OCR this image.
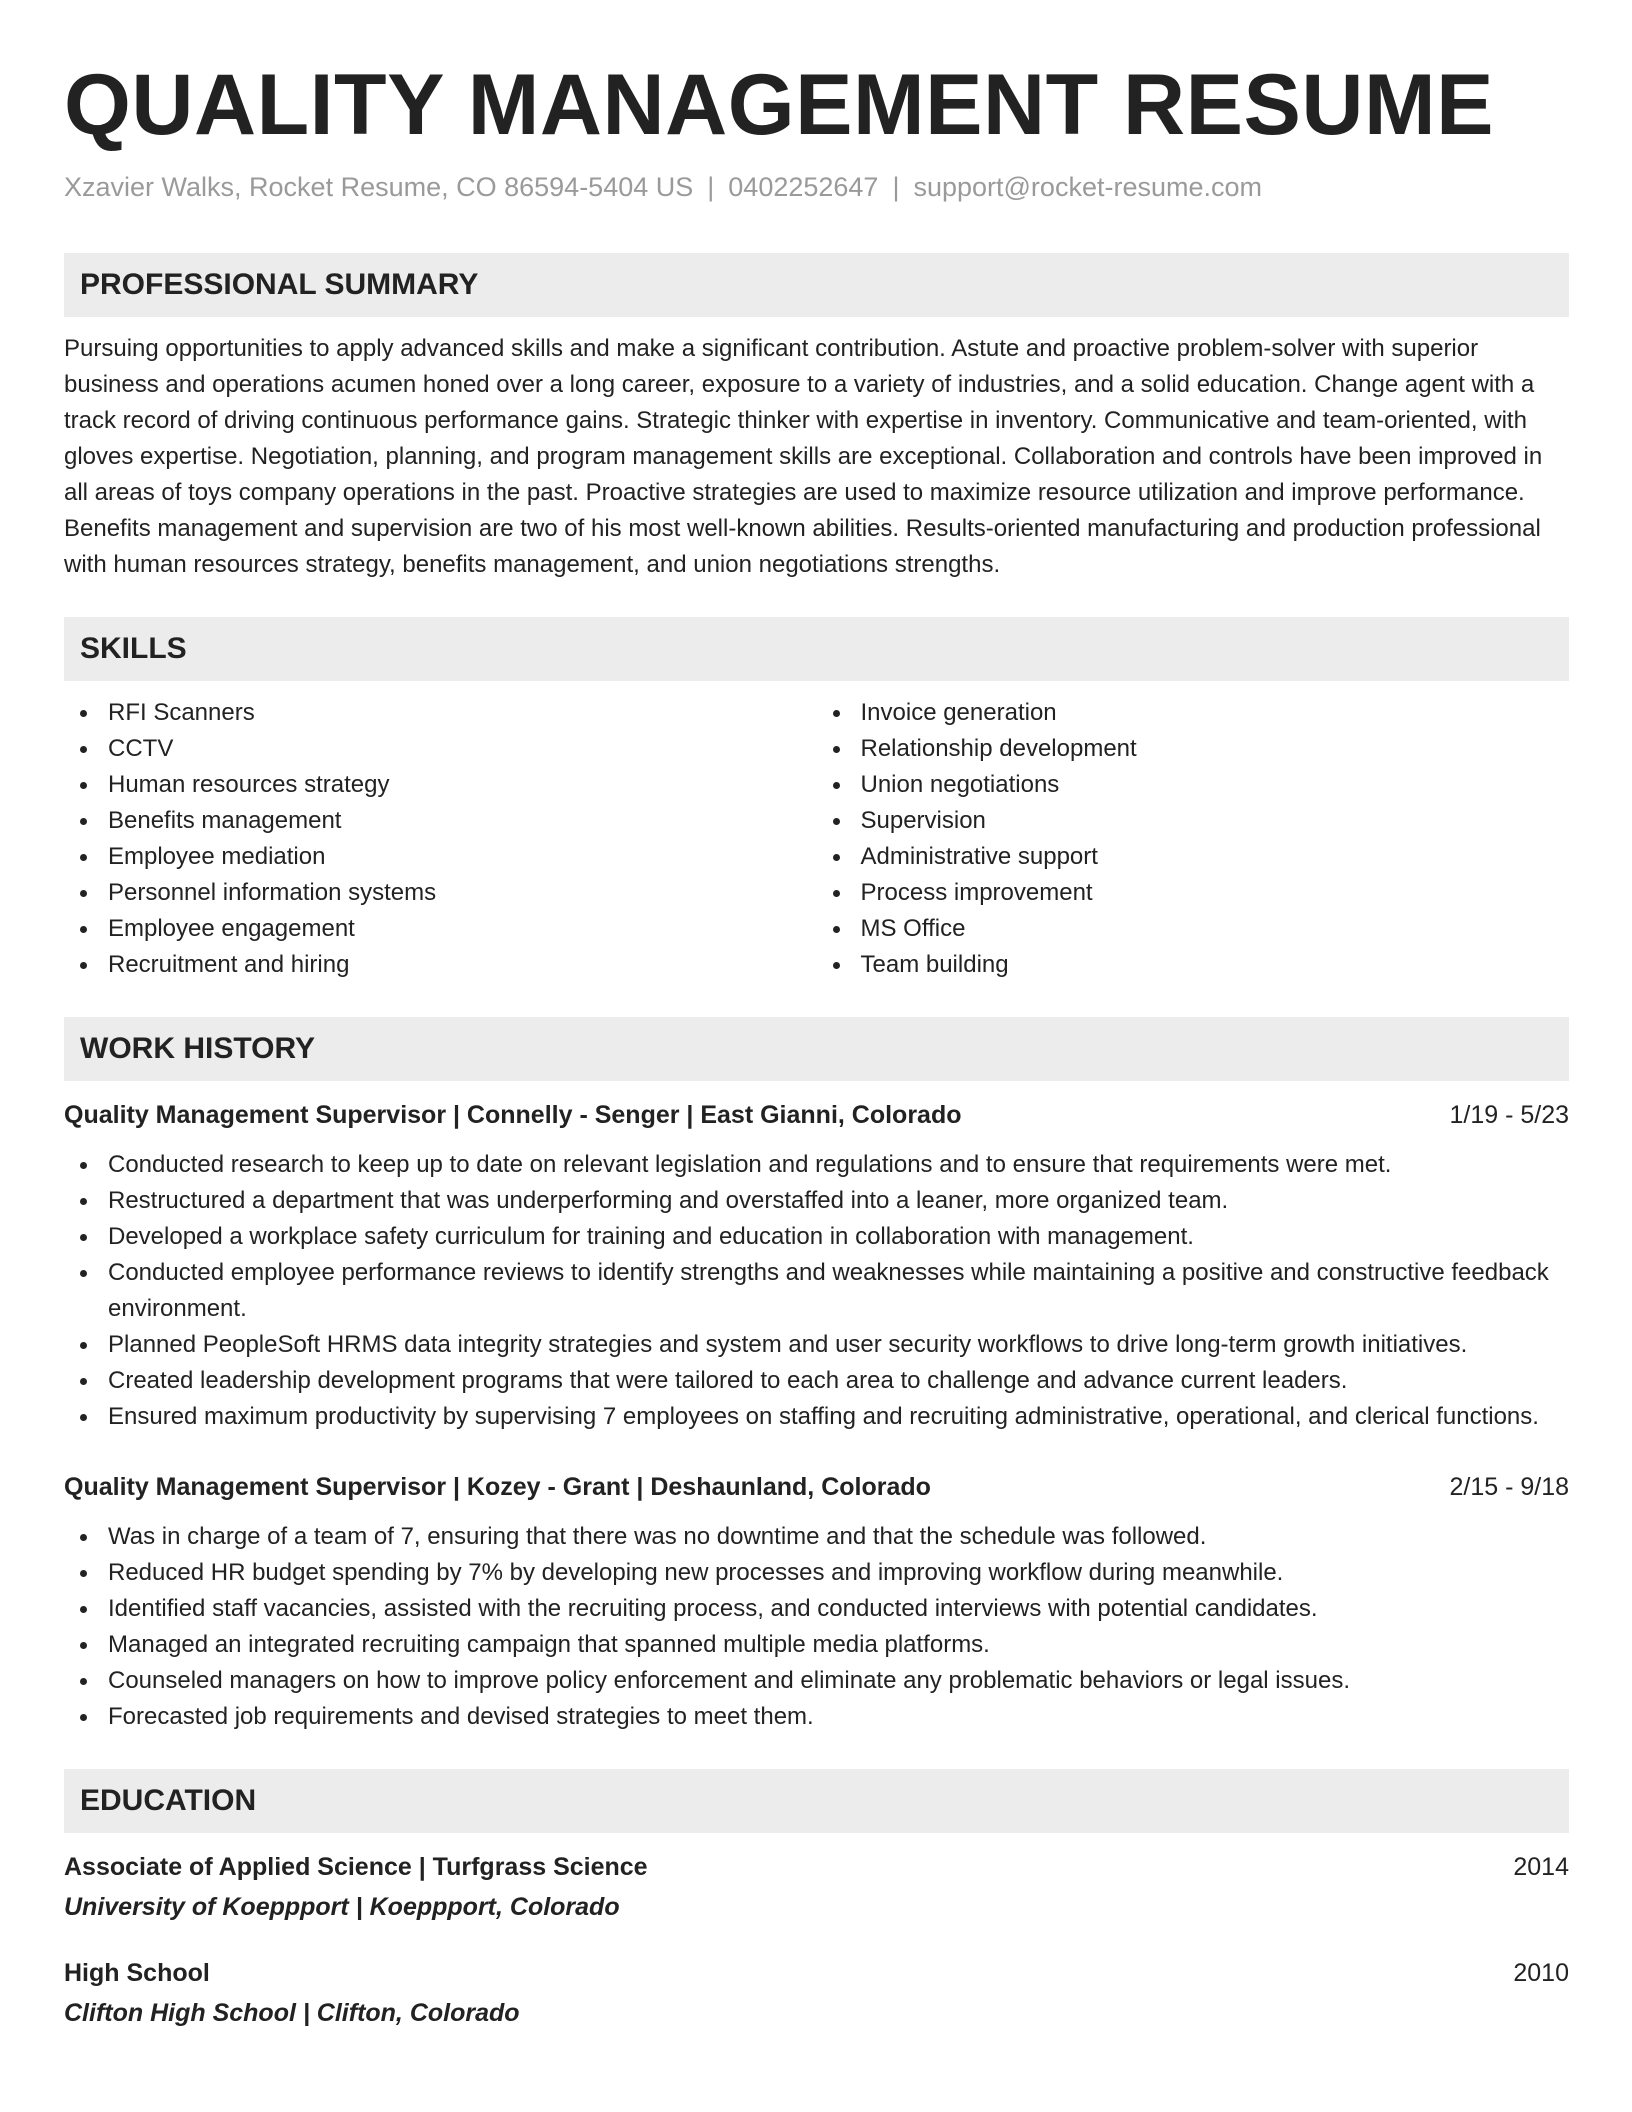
QUALITY MANAGEMENT RESUME
Xzavier Walks, Rocket Resume, CO 86594-5404 US | 0402252647 | support@rocket-resume.com
PROFESSIONAL SUMMARY
Pursuing opportunities to apply advanced skills and make a significant contribution. Astute and proactive problem-solver with superior business and operations acumen honed over a long career, exposure to a variety of industries, and a solid education. Change agent with a track record of driving continuous performance gains. Strategic thinker with expertise in inventory. Communicative and team-oriented, with gloves expertise. Negotiation, planning, and program management skills are exceptional. Collaboration and controls have been improved in all areas of toys company operations in the past. Proactive strategies are used to maximize resource utilization and improve performance. Benefits management and supervision are two of his most well-known abilities. Results-oriented manufacturing and production professional with human resources strategy, benefits management, and union negotiations strengths.
SKILLS
RFI Scanners
CCTV
Human resources strategy
Benefits management
Employee mediation
Personnel information systems
Employee engagement
Recruitment and hiring
Invoice generation
Relationship development
Union negotiations
Supervision
Administrative support
Process improvement
MS Office
Team building
WORK HISTORY
Quality Management Supervisor | Connelly - Senger | East Gianni, Colorado	1/19 - 5/23
Conducted research to keep up to date on relevant legislation and regulations and to ensure that requirements were met.
Restructured a department that was underperforming and overstaffed into a leaner, more organized team.
Developed a workplace safety curriculum for training and education in collaboration with management.
Conducted employee performance reviews to identify strengths and weaknesses while maintaining a positive and constructive feedback environment.
Planned PeopleSoft HRMS data integrity strategies and system and user security workflows to drive long-term growth initiatives.
Created leadership development programs that were tailored to each area to challenge and advance current leaders.
Ensured maximum productivity by supervising 7 employees on staffing and recruiting administrative, operational, and clerical functions.
Quality Management Supervisor | Kozey - Grant | Deshaunland, Colorado	2/15 - 9/18
Was in charge of a team of 7, ensuring that there was no downtime and that the schedule was followed.
Reduced HR budget spending by 7% by developing new processes and improving workflow during meanwhile.
Identified staff vacancies, assisted with the recruiting process, and conducted interviews with potential candidates.
Managed an integrated recruiting campaign that spanned multiple media platforms.
Counseled managers on how to improve policy enforcement and eliminate any problematic behaviors or legal issues.
Forecasted job requirements and devised strategies to meet them.
EDUCATION
Associate of Applied Science | Turfgrass Science	2014
University of Koeppport | Koeppport, Colorado
High School	2010
Clifton High School | Clifton, Colorado
